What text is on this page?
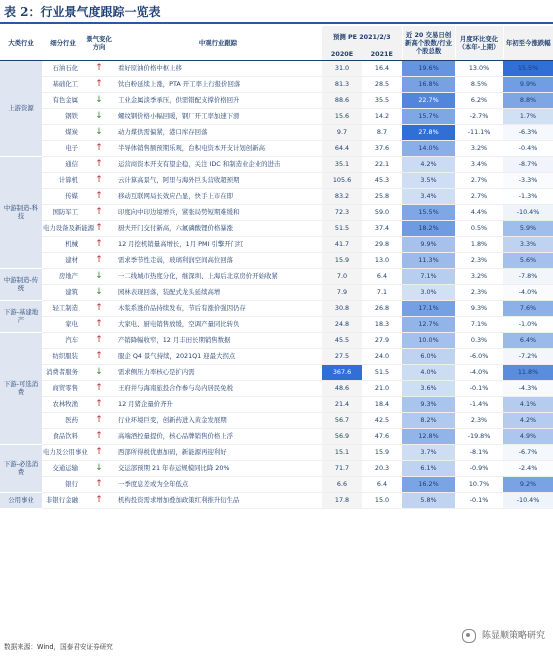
表 2：行业景气度跟踪一览表
大类行业	细分行业	景气变化方向	中观行业跟踪	预测 PE 2021/2/3		近 20 交易日创新高个股数/行业个股总数	月度环比变化（本年-上期）	年初至今涨跌幅
				2020E	2021E			
上游资源	石油石化	↑	看好原油价格中枢上移	31.0	16.4	19.6%	13.0%	15.5%
	基础化工	↑	钛白粉延续上涨，PTA 开工率上行报价回落	81.3	28.5	16.8%	8.5%	9.9%
	有色金属	↓	工业金属淡季承压，供需错配支撑价格回升	88.6	35.5	22.7%	6.2%	8.8%
	钢铁	↓	螺纹钢价格小幅回暖，钢厂开工率加速下滑	15.6	14.2	15.7%	-2.7%	1.7%
	煤炭	↓	动力煤供需偏紧，港口库存回落	9.7	8.7	27.8%	-11.1%	-6.3%
	电子	↑	半导体销售额预期乐观，台积电资本开支计划创新高	64.4	37.6	14.0%	3.2%	-0.4%
中游制造-科技	通信	↑	运营商资本开支有望企稳，关注 IDC 和制造业企业的进击	35.1	22.1	4.2%	3.4%	-8.7%
	计算机	↑	云计算高景气，阿里与海外巨头营收超预期	105.6	45.3	3.5%	2.7%	-3.3%
	传媒	↑	移动互联网局长效应凸显，快手上市在即	83.2	25.8	3.4%	2.7%	-1.3%
	国防军工	↑	印度向中印边境增兵，紧张局势短期难缓和	72.3	59.0	15.5%	4.4%	-10.4%
	电力设备及新能源	↑	厨夫开门交付新高，六氟磷酸锂价格暴涨	51.5	37.4	18.2%	0.5%	5.9%
	机械	↑	12 月挖机销量高增长，1月 PMI 引擎开门红	41.7	29.8	9.9%	1.8%	3.3%
	建材	↑	需求季节性走弱，玻璃利润空间高位回落	15.9	13.0	11.3%	2.3%	5.6%
中游制造-传统	房地产	↓	一二线城市热度分化，继深圳、上海后北京房价开始收紧	7.0	6.4	7.1%	3.2%	-7.8%
	建筑	↓	园林表现回落，装配式龙头延续高增	7.9	7.1	3.0%	2.3%	-4.0%
下游-基建地产	轻工制造	↑	木浆系涨价品持续发布，节后有涨价强因仍存	30.8	26.8	17.1%	9.3%	7.6%
	家电	↑	大家电、厨电销售放缓，空调产量同比转负	24.8	18.3	12.7%	7.1%	-1.0%
下游-可选消费	汽车	↑	产销降幅收窄，12 月丰田长期销售数据	45.5	27.9	10.0%	0.3%	6.4%
	纺织服装	↑	服企 Q4 景气持续，2021Q1 迎最大拐点	27.5	24.0	6.0%	-6.0%	-7.2%
	消费者服务	↓	需求侧压力率核心是扩内需	367.6	51.5	4.0%	-4.0%	11.8%
	商贸零售	↑	王府井与海南旅投合作参与岛内居民免税	48.6	21.0	3.6%	-0.1%	-4.3%
	农林牧渔	↑	12 月猪企量价齐升	21.4	18.4	9.3%	-1.4%	4.1%
	医药	↑	行业环境巨变，创新药进入黄金发展期	56.7	42.5	8.2%	2.3%	4.2%
	食品饮料	↑	高端酒控量提价，核心品牌销售价格上浮	56.9	47.6	12.8%	-19.8%	4.9%
下游-必选消费	电力及公用事业	↑	西部所得税优惠加码，新能源再迎利好	15.1	15.9	3.7%	-8.1%	-6.7%
	交通运输	↓	交运部预期 21 年春运规模同比降 20%	71.7	20.3	6.1%	-0.9%	-2.4%
	银行	↑	一季度息差或为全年低点	6.6	6.4	16.2%	10.7%	9.2%
公用事业	非银行金融	↑	机构投资需求增加叠加政策红利推升衍生品	17.8	15.0	5.8%	-0.1%	-10.4%
数据来源：Wind，国泰君安证券研究
陈显顺策略研究
